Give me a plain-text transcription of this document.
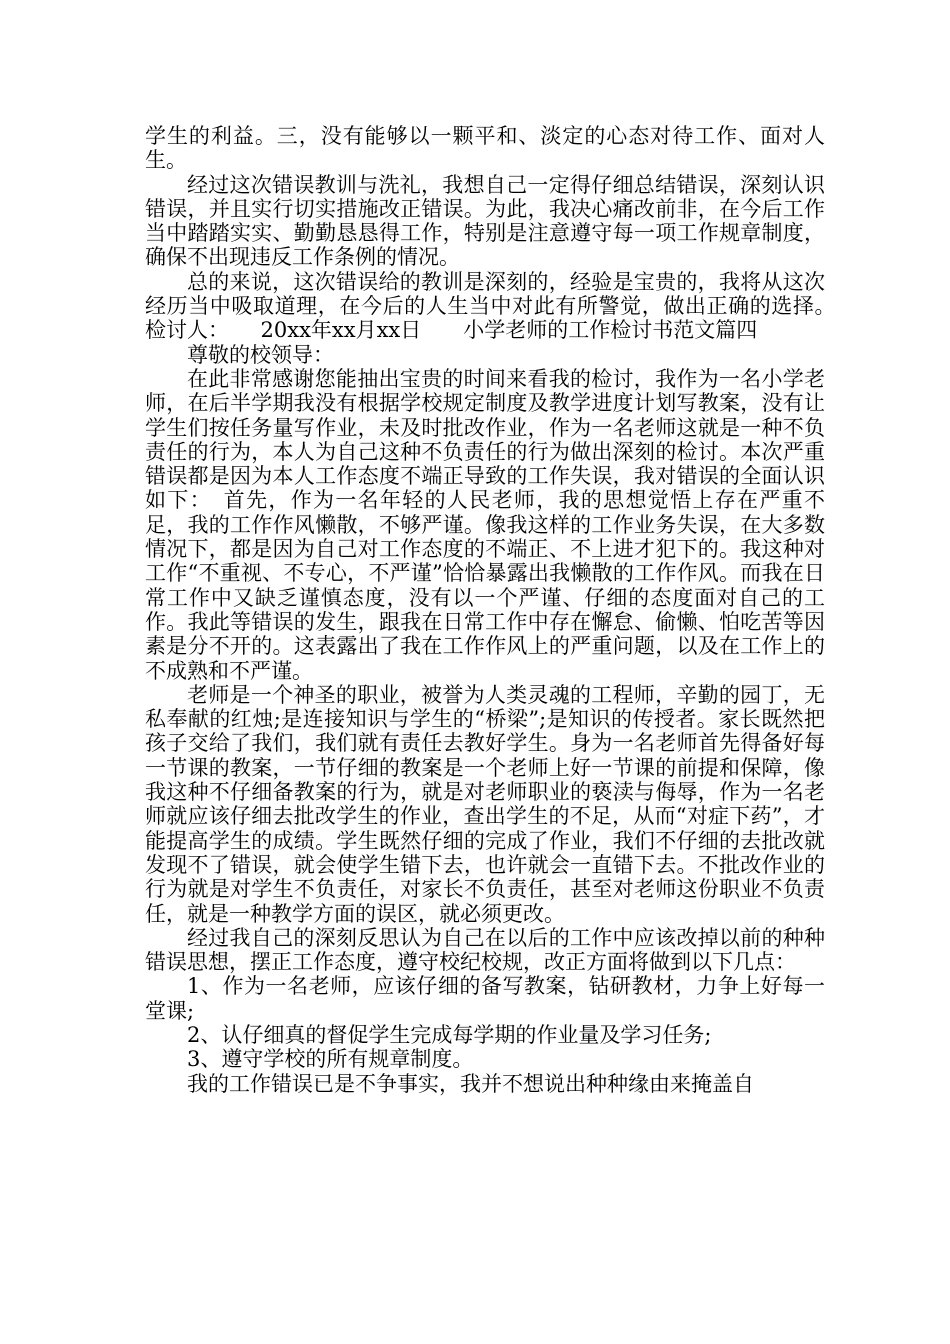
学生的利益。三，没有能够以一颗平和、淡定的心态对待工作、面对人生。

经过这次错误教训与洗礼，我想自己一定得仔细总结错误，深刻认识错误，并且实行切实措施改正错误。为此，我决心痛改前非，在今后工作当中踏踏实实、勤勤恳恳得工作，特别是注意遵守每一项工作规章制度，确保不出现违反工作条例的情况。

总的来说，这次错误给的教训是深刻的，经验是宝贵的，我将从这次经历当中吸取道理，在今后的人生当中对此有所警觉，做出正确的选择。　　检讨人：　　20xx年xx月xx日　　小学老师的工作检讨书范文篇四

尊敬的校领导：

在此非常感谢您能抽出宝贵的时间来看我的检讨，我作为一名小学老师，在后半学期我没有根据学校规定制度及教学进度计划写教案，没有让学生们按任务量写作业，未及时批改作业，作为一名老师这就是一种不负责任的行为，本人为自己这种不负责任的行为做出深刻的检讨。本次严重错误都是因为本人工作态度不端正导致的工作失误，我对错误的全面认识如下：　首先，作为一名年轻的人民老师，我的思想觉悟上存在严重不足，我的工作作风懒散，不够严谨。像我这样的工作业务失误，在大多数情况下，都是因为自己对工作态度的不端正、不上进才犯下的。我这种对工作“不重视、不专心，不严谨”恰恰暴露出我懒散的工作作风。而我在日常工作中又缺乏谨慎态度，没有以一个严谨、仔细的态度面对自己的工作。我此等错误的发生，跟我在日常工作中存在懈怠、偷懒、怕吃苦等因素是分不开的。这表露出了我在工作作风上的严重问题，以及在工作上的不成熟和不严谨。

老师是一个神圣的职业，被誉为人类灵魂的工程师，辛勤的园丁，无私奉献的红烛;是连接知识与学生的“桥梁”;是知识的传授者。家长既然把孩子交给了我们，我们就有责任去教好学生。身为一名老师首先得备好每一节课的教案，一节仔细的教案是一个老师上好一节课的前提和保障，像我这种不仔细备教案的行为，就是对老师职业的亵渎与侮辱，作为一名老师就应该仔细去批改学生的作业，查出学生的不足，从而“对症下药”，才能提高学生的成绩。学生既然仔细的完成了作业，我们不仔细的去批改就发现不了错误，就会使学生错下去，也许就会一直错下去。不批改作业的行为就是对学生不负责任，对家长不负责任，甚至对老师这份职业不负责任，就是一种教学方面的误区，就必须更改。

经过我自己的深刻反思认为自己在以后的工作中应该改掉以前的种种错误思想，摆正工作态度，遵守校纪校规，改正方面将做到以下几点：

1、作为一名老师，应该仔细的备写教案，钻研教材，力争上好每一堂课;

2、认仔细真的督促学生完成每学期的作业量及学习任务;

3、遵守学校的所有规章制度。

我的工作错误已是不争事实，我并不想说出种种缘由来掩盖自
